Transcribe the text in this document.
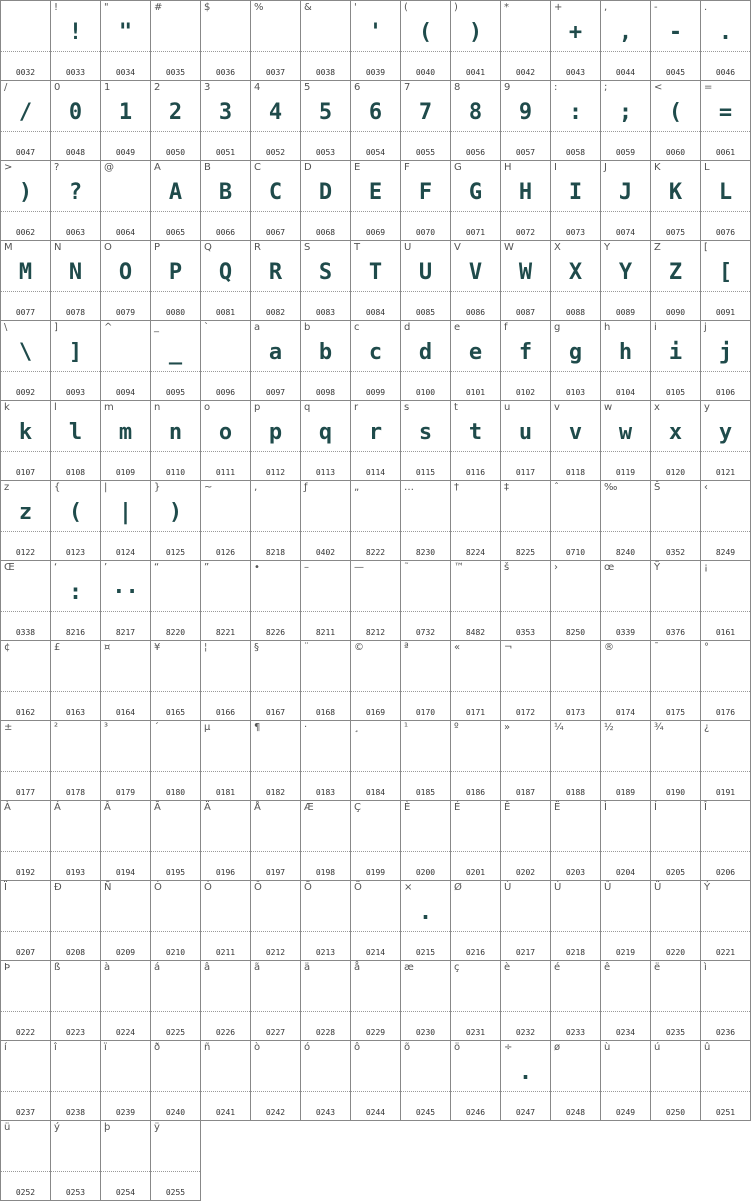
0032
!
!
0033
"
"
0034
#
0035
$
0036
%
0037
&
0038
'
'
0039
(
(
0040
)
)
0041
*
0042
+
+
0043
,
,
0044
-
-
0045
.
.
0046
/
/
0047
0
0
0048
1
1
0049
2
2
0050
3
3
0051
4
4
0052
5
5
0053
6
6
0054
7
7
0055
8
8
0056
9
9
0057
:
:
0058
;
;
0059
<
(
0060
=
=
0061
>
)
0062
?
?
0063
@
0064
A
A
0065
B
B
0066
C
C
0067
D
D
0068
E
E
0069
F
F
0070
G
G
0071
H
H
0072
I
I
0073
J
J
0074
K
K
0075
L
L
0076
M
M
0077
N
N
0078
O
O
0079
P
P
0080
Q
Q
0081
R
R
0082
S
S
0083
T
T
0084
U
U
0085
V
V
0086
W
W
0087
X
X
0088
Y
Y
0089
Z
Z
0090
[
[
0091
\
\
0092
]
]
0093
^
0094
_
_
0095
`
0096
a
a
0097
b
b
0098
c
c
0099
d
d
0100
e
e
0101
f
f
0102
g
g
0103
h
h
0104
i
i
0105
j
j
0106
k
k
0107
l
l
0108
m
m
0109
n
n
0110
o
o
0111
p
p
0112
q
q
0113
r
r
0114
s
s
0115
t
t
0116
u
u
0117
v
v
0118
w
w
0119
x
x
0120
y
y
0121
z
z
0122
{
(
0123
|
|
0124
}
)
0125
~
0126
‚
8218
ƒ
0402
„
8222
…
8230
†
8224
‡
8225
ˆ
0710
‰
8240
Š
0352
‹
8249
Œ
0338
‘
:
8216
’
··
8217
“
8220
”
8221
•
8226
–
8211
—
8212
˜
0732
™
8482
š
0353
›
8250
œ
0339
Ÿ
0376
¡
0161
¢
0162
£
0163
¤
0164
¥
0165
¦
0166
§
0167
¨
0168
©
0169
ª
0170
«
0171
¬
0172	0173
®
0174
¯
0175
°
0176
±
0177
²
0178
³
0179
´
0180
µ
0181
¶
0182
·
0183
¸
0184
¹
0185
º
0186
»
0187
¼
0188
½
0189
¾
0190
¿
0191
À
0192
Á
0193
Â
0194
Ã
0195
Ä
0196
Å
0197
Æ
0198
Ç
0199
È
0200
É
0201
Ê
0202
Ë
0203
Ì
0204
Í
0205
Î
0206
Ï
0207
Ð
0208
Ñ
0209
Ò
0210
Ó
0211
Ô
0212
Õ
0213
Ö
0214
×
.
0215
Ø
0216
Ù
0217
Ú
0218
Û
0219
Ü
0220
Ý
0221
Þ
0222
ß
0223
à
0224
á
0225
â
0226
ã
0227
ä
0228
å
0229
æ
0230
ç
0231
è
0232
é
0233
ê
0234
ë
0235
ì
0236
í
0237
î
0238
ï
0239
ð
0240
ñ
0241
ò
0242
ó
0243
ô
0244
õ
0245
ö
0246
÷
.
0247
ø
0248
ù
0249
ú
0250
û
0251
ü
0252
ý
0253
þ
0254
ÿ
0255
